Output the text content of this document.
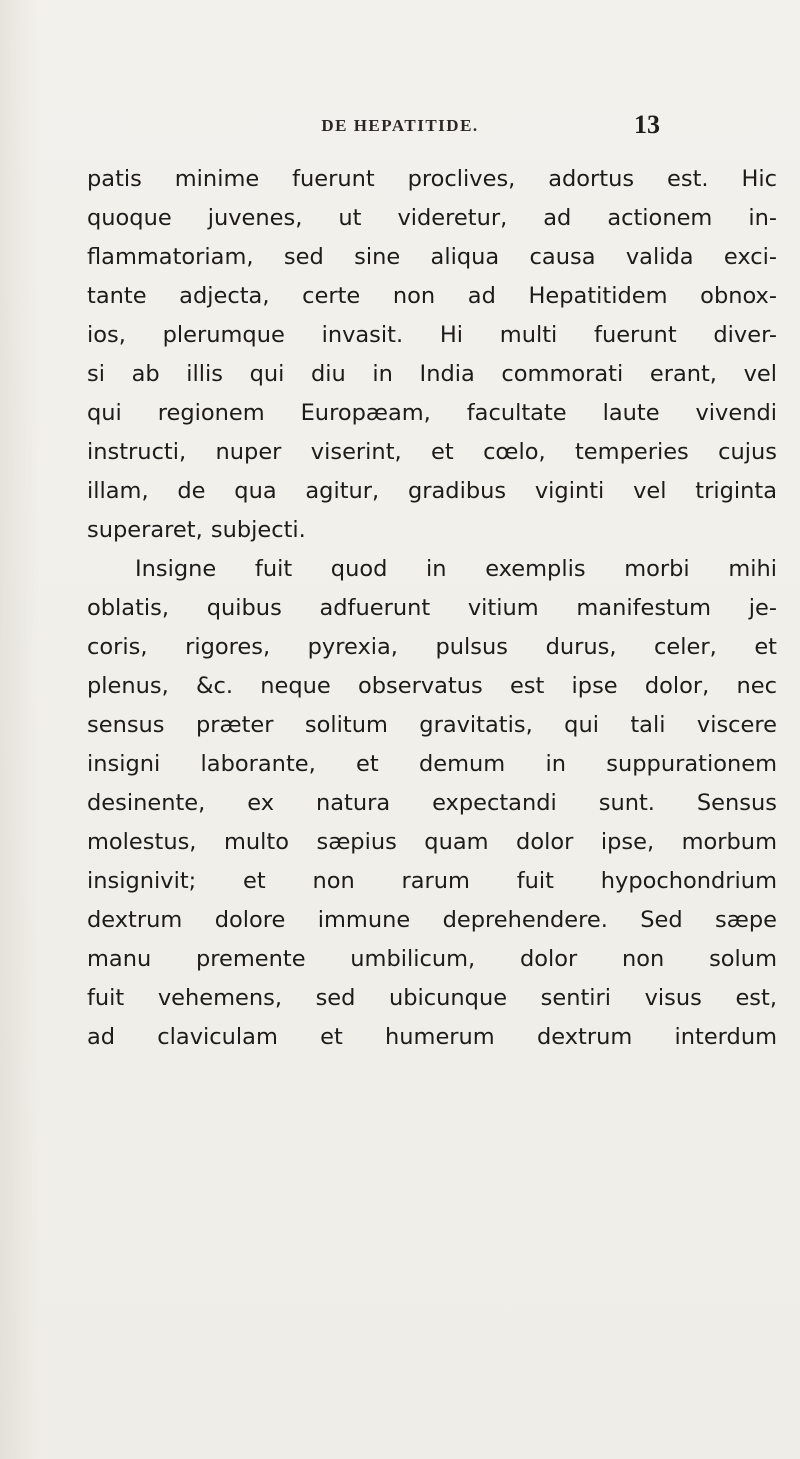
DE HEPATITIDE.	13
patis minime fuerunt proclives, adortus est. Hic
quoque juvenes, ut videretur, ad actionem in-
flammatoriam, sed sine aliqua causa valida exci-
tante adjecta, certe non ad Hepatitidem obnox-
ios, plerumque invasit. Hi multi fuerunt diver-
si ab illis qui diu in India commorati erant, vel
qui regionem Europæam, facultate laute vivendi
instructi, nuper viserint, et cœlo, temperies cujus
illam, de qua agitur, gradibus viginti vel triginta
superaret, subjecti.
Insigne fuit quod in exemplis morbi mihi
oblatis, quibus adfuerunt vitium manifestum je-
coris, rigores, pyrexia, pulsus durus, celer, et
plenus, &c. neque observatus est ipse dolor, nec
sensus præter solitum gravitatis, qui tali viscere
insigni laborante, et demum in suppurationem
desinente, ex natura expectandi sunt. Sensus
molestus, multo sæpius quam dolor ipse, morbum
insignivit; et non rarum fuit hypochondrium
dextrum dolore immune deprehendere. Sed sæpe
manu premente umbilicum, dolor non solum
fuit vehemens, sed ubicunque sentiri visus est,
ad claviculam et humerum dextrum interdum
